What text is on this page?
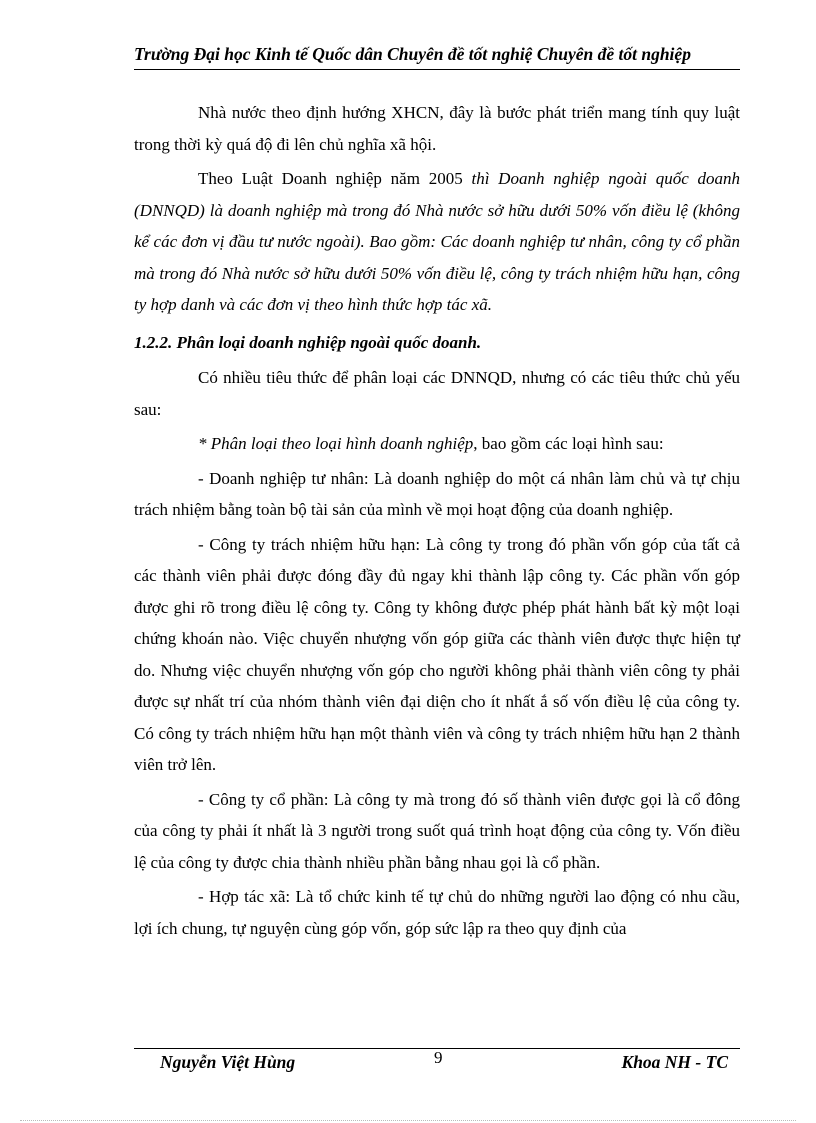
Trường Đại học Kinh tế Quốc dân Chuyên đề tốt nghiệ Chuyên đề tốt nghiệp

Nhà nước theo định hướng XHCN, đây là bước phát triển mang tính quy luật trong thời kỳ quá độ đi lên chủ nghĩa xã hội.

Theo Luật Doanh nghiệp năm 2005 thì Doanh nghiệp ngoài quốc doanh (DNNQD) là doanh nghiệp mà trong đó Nhà nước sở hữu dưới 50% vốn điều lệ (không kể các đơn vị đầu tư nước ngoài). Bao gồm: Các doanh nghiệp tư nhân, công ty cổ phần mà trong đó Nhà nước sở hữu dưới 50% vốn điều lệ, công ty trách nhiệm hữu hạn, công ty hợp danh và các đơn vị theo hình thức hợp tác xã.

1.2.2. Phân loại doanh nghiệp ngoài quốc doanh.

Có nhiều tiêu thức để phân loại các DNNQD, nhưng có các tiêu thức chủ yếu sau:

* Phân loại theo loại hình doanh nghiệp, bao gồm các loại hình sau:

- Doanh nghiệp tư nhân: Là doanh nghiệp do một cá nhân làm chủ và tự chịu trách nhiệm bằng toàn bộ tài sản của mình về mọi hoạt động của doanh nghiệp.

- Công ty trách nhiệm hữu hạn: Là công ty trong đó phần vốn góp của tất cả các thành viên phải được đóng đầy đủ ngay khi thành lập công ty. Các phần vốn góp được ghi rõ trong điều lệ công ty. Công ty không được phép phát hành bất kỳ một loại chứng khoán nào. Việc chuyển nhượng vốn góp giữa các thành viên được thực hiện tự do. Nhưng việc chuyển nhượng vốn góp cho người không phải thành viên công ty phải được sự nhất trí của nhóm thành viên đại diện cho ít nhất ắ số vốn điều lệ của công ty. Có công ty trách nhiệm hữu hạn một thành viên và công ty trách nhiệm hữu hạn 2 thành viên trở lên.

- Công ty cổ phần: Là công ty mà trong đó số thành viên được gọi là cổ đông của công ty phải ít nhất là 3 người trong suốt quá trình hoạt động của công ty. Vốn điều lệ của công ty được chia thành nhiều phần bằng nhau gọi là cổ phần.

- Hợp tác xã: Là tổ chức kinh tế tự chủ do những người lao động có nhu cầu, lợi ích chung, tự nguyện cùng góp vốn, góp sức lập ra theo quy định của

Nguyễn Việt Hùng	9	Khoa NH - TC
